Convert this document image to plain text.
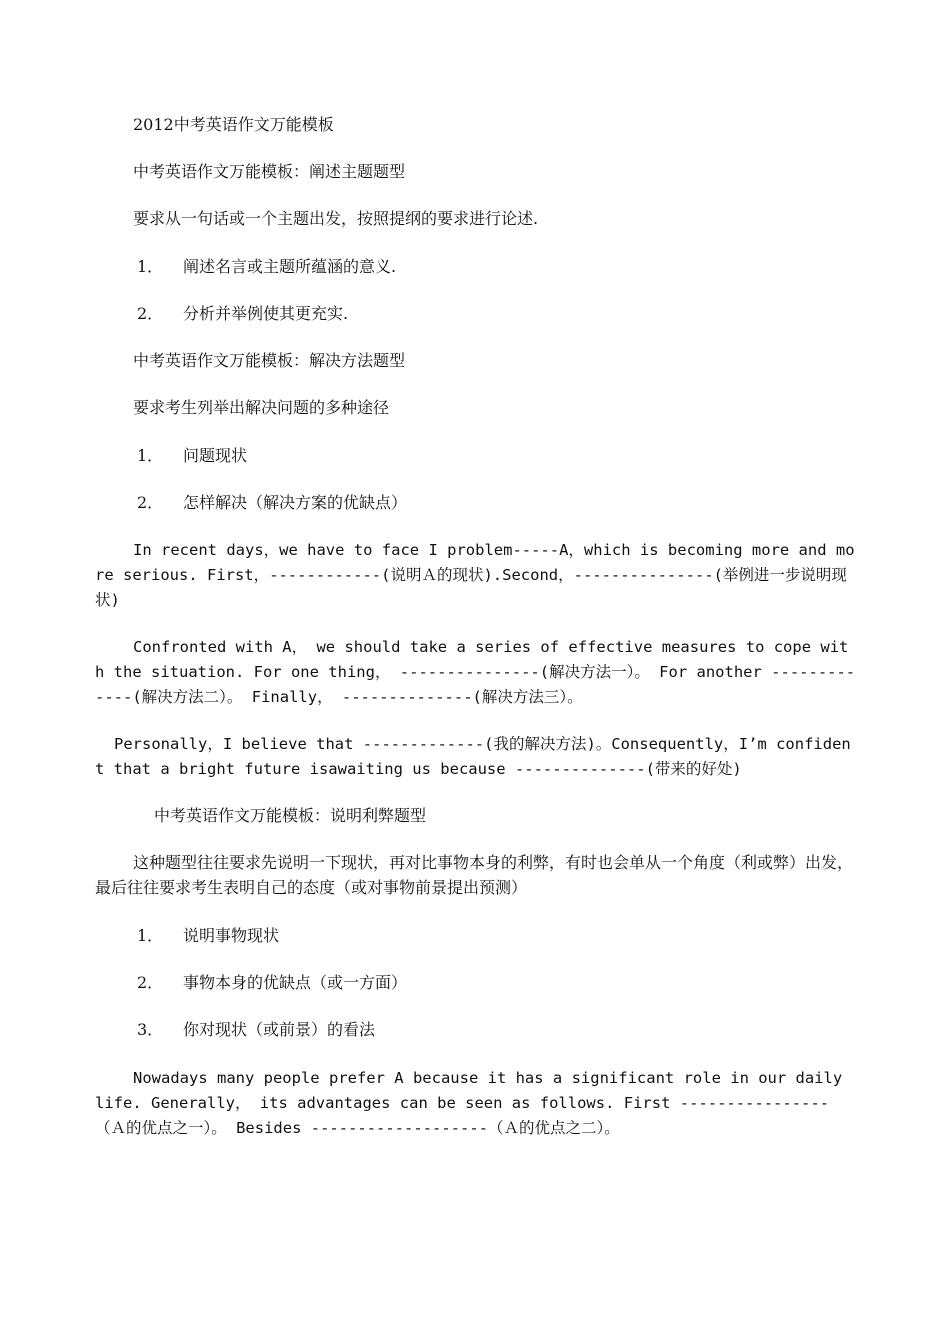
2012中考英语作文万能模板
中考英语作文万能模板：阐述主题题型
要求从一句话或一个主题出发，按照提纲的要求进行论述.
1． 阐述名言或主题所蕴涵的意义.
2． 分析并举例使其更充实.
中考英语作文万能模板：解决方法题型
要求考生列举出解决问题的多种途径
1． 问题现状
2． 怎样解决（解决方案的优缺点）
In recent days，we have to face I problem-----A，which is becoming more and more serious. First，------------(说明Ａ的现状).Second，---------------(举例进一步说明现状)
Confronted with A， we should take a series of effective measures to cope with the situation. For one thing， ---------------(解决方法一）。 For another -------------(解决方法二）。 Finally， --------------(解决方法三）。
Personally，I believe that -------------(我的解决方法)。Consequently，I’m confident that a bright future isawaiting us because --------------(带来的好处)
中考英语作文万能模板：说明利弊题型
这种题型往往要求先说明一下现状，再对比事物本身的利弊，有时也会单从一个角度（利或弊）出发，最后往往要求考生表明自己的态度（或对事物前景提出预测）
1． 说明事物现状
2． 事物本身的优缺点（或一方面）
3． 你对现状（或前景）的看法
Nowadays many people prefer A because it has a significant role in our daily life. Generally， its advantages can be seen as follows. First ----------------（Ａ的优点之一）。 Besides -------------------（Ａ的优点之二）。
